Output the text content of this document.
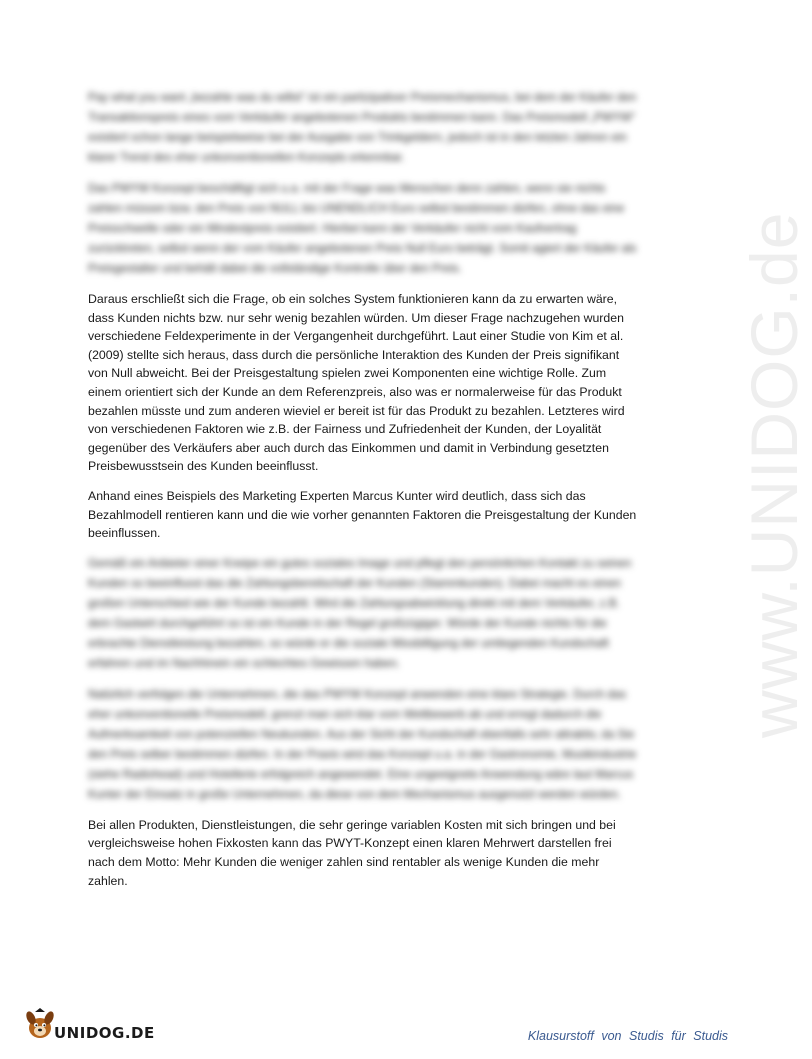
www.UNIDOG.de

Pay what you want „bezahle was du willst“ ist ein partizipativer Preismechanismus, bei dem der Käufer den Transaktionspreis eines vom Verkäufer angebotenen Produkts bestimmen kann. Das Preismodell „PWYW“ existiert schon lange beispielweise bei der Ausgabe von Trinkgeldern, jedoch ist in den letzten Jahren ein klarer Trend des eher unkonventionellen Konzepts erkennbar.

Das PWYW Konzept beschäftigt sich u.a. mit der Frage was Menschen denn zahlen, wenn sie nichts zahlen müssen bzw. den Preis von NULL bis UNENDLICH Euro selbst bestimmen dürfen, ohne das eine Preisschwelle oder ein Mindestpreis existiert. Hierbei kann der Verkäufer nicht vom Kaufvertrag zurücktreten, selbst wenn der vom Käufer angebotenen Preis Null Euro beträgt. Somit agiert der Käufer als Preisgestalter und behält dabei die vollständige Kontrolle über den Preis.

Daraus erschließt sich die Frage, ob ein solches System funktionieren kann da zu erwarten wäre, dass Kunden nichts bzw. nur sehr wenig bezahlen würden. Um dieser Frage nachzugehen wurden verschiedene Feldexperimente in der Vergangenheit durchgeführt. Laut einer Studie von Kim et al. (2009) stellte sich heraus, dass durch die persönliche Interaktion des Kunden der Preis signifikant von Null abweicht. Bei der Preisgestaltung spielen zwei Komponenten eine wichtige Rolle. Zum einem orientiert sich der Kunde an dem Referenzpreis, also was er normalerweise für das Produkt bezahlen müsste und zum anderen wieviel er bereit ist für das Produkt zu bezahlen. Letzteres wird von verschiedenen Faktoren wie z.B. der Fairness und Zufriedenheit der Kunden, der Loyalität gegenüber des Verkäufers aber auch durch das Einkommen und damit in Verbindung gesetzten Preisbewusstsein des Kunden beeinflusst.

Anhand eines Beispiels des Marketing Experten Marcus Kunter wird deutlich, dass sich das Bezahlmodell rentieren kann und die wie vorher genannten Faktoren die Preisgestaltung der Kunden beeinflussen.

Gemäß ein Anbieter einer Kneipe ein gutes soziales Image und pflegt den persönlichen Kontakt zu seinen Kunden so beeinflusst das die Zahlungsbereitschaft der Kunden (Stammkunden). Dabei macht es einen großen Unterschied wie der Kunde bezahlt. Wird die Zahlungsabwicklung direkt mit dem Verkäufer, z.B. dem Gastwirt durchgeführt so ist ein Kunde in der Regel großzügiger. Würde der Kunde nichts für die erbrachte Dienstleistung bezahlen, so würde er die soziale Missbilligung der umliegenden Kundschaft erfahren und im Nachhinein ein schlechtes Gewissen haben.

Natürlich verfolgen die Unternehmen, die das PWYW Konzept anwenden eine klare Strategie. Durch das eher unkonventionelle Preismodell, grenzt man sich klar vom Wettbewerb ab und erregt dadurch die Aufmerksamkeit von potenziellen Neukunden. Aus der Sicht der Kundschaft ebenfalls sehr attraktiv, da Sie den Preis selber bestimmen dürfen. In der Praxis wird das Konzept u.a. in der Gastronomie, Musikindustrie (siehe Radiohead) und Hotellerie erfolgreich angewendet. Eine ungeeignete Anwendung wäre laut Marcus Kunter der Einsatz in große Unternehmen, da diese von dem Mechanismus ausgenutzt werden würden.

Bei allen Produkten, Dienstleistungen, die sehr geringe variablen Kosten mit sich bringen und bei vergleichsweise hohen Fixkosten kann das PWYT-Konzept einen klaren Mehrwert darstellen frei nach dem Motto: Mehr Kunden die weniger zahlen sind rentabler als wenige Kunden die mehr zahlen.

UNIDOG.DE	Klausurstoff von Studis für Studis
